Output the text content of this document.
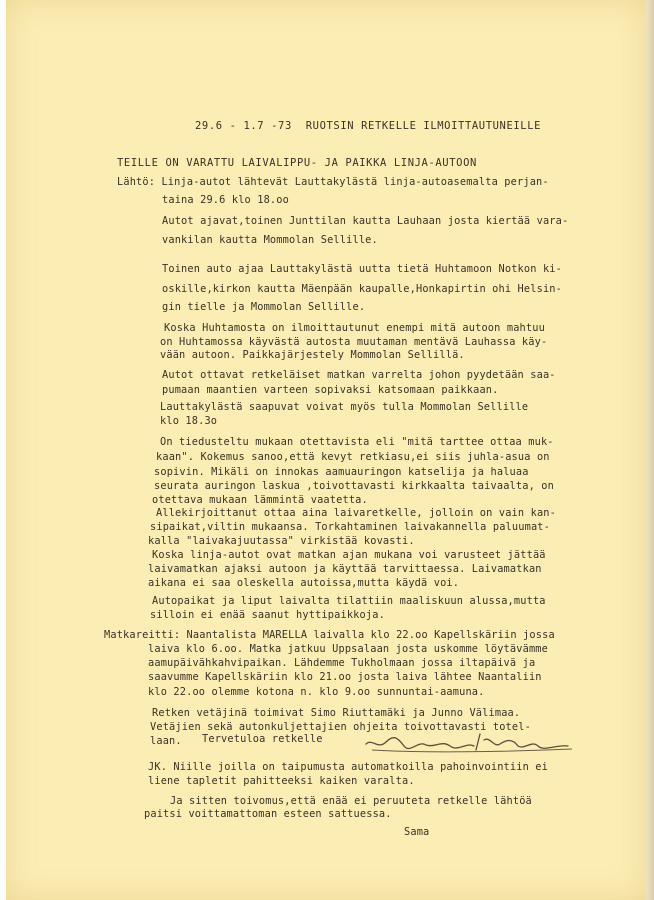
29.6 - 1.7 -73  RUOTSIN RETKELLE ILMOITTAUTUNEILLE
TEILLE ON VARATTU LAIVALIPPU- JA PAIKKA LINJA-AUTOON
Lähtö: Linja-autot lähtevät Lauttakylästä linja-autoasemalta perjan-
taina 29.6 klo 18.oo
Autot ajavat,toinen Junttilan kautta Lauhaan josta kiertää vara-
vankilan kautta Mommolan Sellille.
Toinen auto ajaa Lauttakylästä uutta tietä Huhtamoon Notkon ki-
oskille,kirkon kautta Mäenpään kaupalle,Honkapirtin ohi Helsin-
gin tielle ja Mommolan Sellille.
Koska Huhtamosta on ilmoittautunut enempi mitä autoon mahtuu
on Huhtamossa käyvästä autosta muutaman mentävä Lauhassa käy-
vään autoon. Paikkajärjestely Mommolan Sellillä.
Autot ottavat retkeläiset matkan varrelta johon pyydetään saa-
pumaan maantien varteen sopivaksi katsomaan paikkaan.
Lauttakylästä saapuvat voivat myös tulla Mommolan Sellille
klo 18.3o
On tiedusteltu mukaan otettavista eli "mitä tarttee ottaa muk-
kaan". Kokemus sanoo,että kevyt retkiasu,ei siis juhla-asua on
sopivin. Mikäli on innokas aamuauringon katselija ja haluaa
seurata auringon laskua ,toivottavasti kirkkaalta taivaalta, on
otettava mukaan lämmintä vaatetta.
Allekirjoittanut ottaa aina laivaretkelle, jolloin on vain kan-
sipaikat,viltin mukaansa. Torkahtaminen laivakannella paluumat-
kalla "laivakajuutassa" virkistää kovasti.
Koska linja-autot ovat matkan ajan mukana voi varusteet jättää
laivamatkan ajaksi autoon ja käyttää tarvittaessa. Laivamatkan
aikana ei saa oleskella autoissa,mutta käydä voi.
Autopaikat ja liput laivalta tilattiin maaliskuun alussa,mutta
silloin ei enää saanut hyttipaikkoja.
Matkareitti: Naantalista MARELLA laivalla klo 22.oo Kapellskäriin jossa
laiva klo 6.oo. Matka jatkuu Uppsalaan josta uskomme löytävämme
aamupäivähkahvipaikan. Lähdemme Tukholmaan jossa iltapäivä ja
saavumme Kapellskäriin klo 21.oo josta laiva lähtee Naantaliin
klo 22.oo olemme kotona n. klo 9.oo sunnuntai-aamuna.
Retken vetäjinä toimivat Simo Riuttamäki ja Junno Välimaa.
Vetäjien sekä autonkuljettajien ohjeita toivottavasti totel-
laan. Tervetuloa retkelle
JK. Niille joilla on taipumusta automatkoilla pahoinvointiin ei
liene tapletit pahitteeksi kaiken varalta.
Ja sitten toivomus,että enää ei peruuteta retkelle lähtöä
paitsi voittamattoman esteen sattuessa.
Sama
